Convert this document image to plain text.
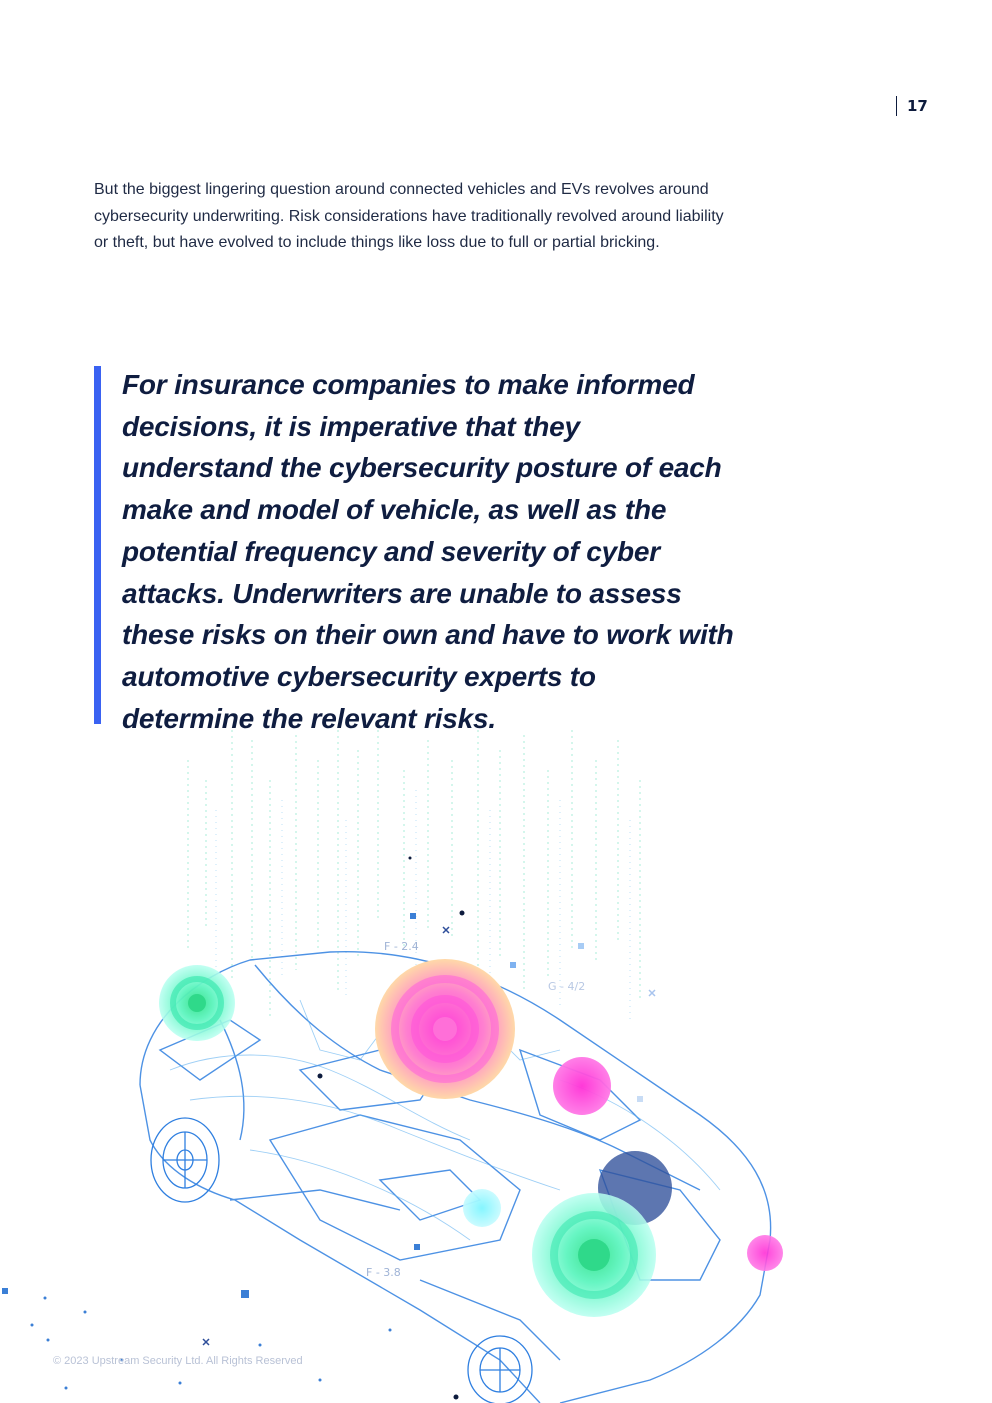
17

But the biggest lingering question around connected vehicles and EVs revolves around cybersecurity underwriting. Risk considerations have traditionally revolved around liability or theft, but have evolved to include things like loss due to full or partial bricking.

For insurance companies to make informed decisions, it is imperative that they understand the cybersecurity posture of each make and model of vehicle, as well as the potential frequency and severity of cyber attacks. Underwriters are unable to assess these risks on their own and have to work with automotive cybersecurity experts to determine the relevant risks.

F - 2.4
G - 4/2
F - 3.8
© 2023 Upstream Security Ltd. All Rights Reserved
